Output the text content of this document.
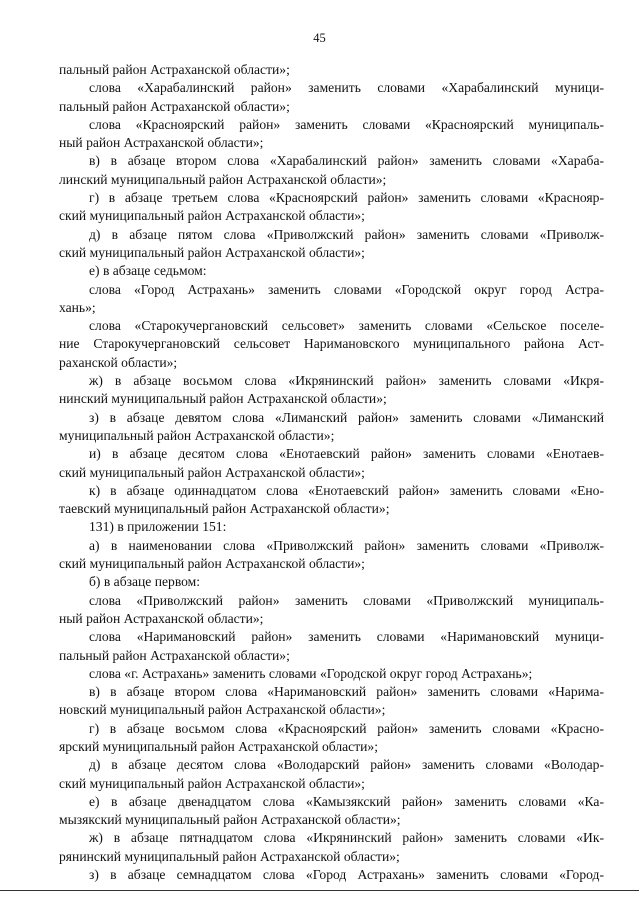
45
пальный район Астраханской области»;
слова «Харабалинский район» заменить словами «Харабалинский муници-
пальный район Астраханской области»;
слова «Красноярский район» заменить словами «Красноярский муниципаль-
ный район Астраханской области»;
в) в абзаце втором слова «Харабалинский район» заменить словами «Хараба-
линский муниципальный район Астраханской области»;
г) в абзаце третьем слова «Красноярский район» заменить словами «Краснояр-
ский муниципальный район Астраханской области»;
д) в абзаце пятом слова «Приволжский район» заменить словами «Приволж-
ский муниципальный район Астраханской области»;
е) в абзаце седьмом:
слова «Город Астрахань» заменить словами «Городской округ город Астра-
хань»;
слова «Старокучергановский сельсовет» заменить словами «Сельское поселе-
ние Старокучергановский сельсовет Наримановского муниципального района Аст-
раханской области»;
ж) в абзаце восьмом слова «Икрянинский район» заменить словами «Икря-
нинский муниципальный район Астраханской области»;
з) в абзаце девятом слова «Лиманский район» заменить словами «Лиманский
муниципальный район Астраханской области»;
и) в абзаце десятом слова «Енотаевский район» заменить словами «Енотаев-
ский муниципальный район Астраханской области»;
к) в абзаце одиннадцатом слова «Енотаевский район» заменить словами «Ено-
таевский муниципальный район Астраханской области»;
131) в приложении 151:
а) в наименовании слова «Приволжский район» заменить словами «Приволж-
ский муниципальный район Астраханской области»;
б) в абзаце первом:
слова «Приволжский район» заменить словами «Приволжский муниципаль-
ный район Астраханской области»;
слова «Наримановский район» заменить словами «Наримановский муници-
пальный район Астраханской области»;
слова «г. Астрахань» заменить словами «Городской округ город Астрахань»;
в) в абзаце втором слова «Наримановский район» заменить словами «Нарима-
новский муниципальный район Астраханской области»;
г) в абзаце восьмом слова «Красноярский район» заменить словами «Красно-
ярский муниципальный район Астраханской области»;
д) в абзаце десятом слова «Володарский район» заменить словами «Володар-
ский муниципальный район Астраханской области»;
е) в абзаце двенадцатом слова «Камызякский район» заменить словами «Ка-
мызякский муниципальный район Астраханской области»;
ж) в абзаце пятнадцатом слова «Икрянинский район» заменить словами «Ик-
рянинский муниципальный район Астраханской области»;
з) в абзаце семнадцатом слова «Город Астрахань» заменить словами «Город-
